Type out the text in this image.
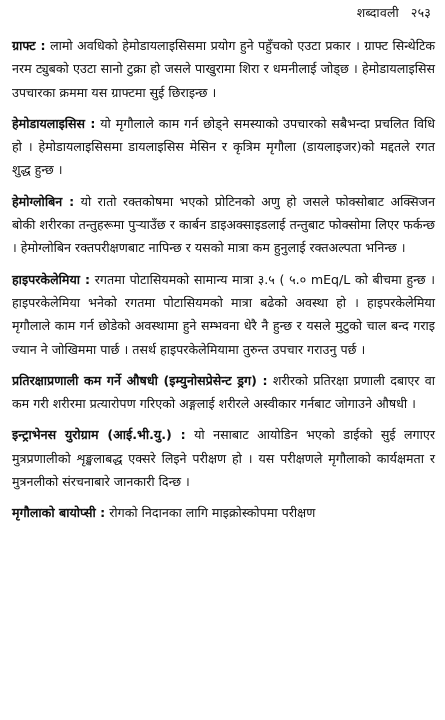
शब्दावली २५३

ग्राफ्ट : लामो अवधिको हेमोडायलाइसिसमा प्रयोग हुने पहुँचको एउटा प्रकार । ग्राफ्ट सिन्थेटिक नरम ट्युबको एउटा सानो टुक्रा हो जसले पाखुरामा शिरा र धमनीलाई जोड्छ । हेमोडायलाइसिस उपचारका क्रममा यस ग्राफ्टमा सुई छिराइन्छ ।

हेमोडायलाइसिस : यो मृगौलाले काम गर्न छोड्ने समस्याको उपचारको सबैभन्दा प्रचलित विधि हो । हेमोडायलाइसिसमा डायलाइसिस मेसिन र कृत्रिम मृगौला (डायलाइजर)को मद्दतले रगत शुद्ध हुन्छ ।

हेमोग्लोबिन : यो रातो रक्तकोषमा भएको प्रोटिनको अणु हो जसले फोक्सोबाट अक्सिजन बोकी शरीरका तन्तुहरूमा पुऱ्याउँछ र कार्बन डाइअक्साइडलाई तन्तुबाट फोक्सोमा लिएर फर्कन्छ । हेमोग्लोबिन रक्तपरीक्षणबाट नापिन्छ र यसको मात्रा कम हुनुलाई रक्तअल्पता भनिन्छ ।

हाइपरकेलेमिया : रगतमा पोटासियमको सामान्य मात्रा ३.५ ( ५.० mEq/L को बीचमा हुन्छ । हाइपरकेलेमिया भनेको रगतमा पोटासियमको मात्रा बढेको अवस्था हो । हाइपरकेलेमिया मृगौलाले काम गर्न छोडेको अवस्थामा हुने सम्भवना धेरै नै हुन्छ र यसले मुटुको चाल बन्द गराइ ज्यान ने जोखिममा पार्छ । तसर्थ हाइपरकेलेमियामा तुरुन्त उपचार गराउनु पर्छ ।

प्रतिरक्षाप्रणाली कम गर्ने औषधी (इम्युनोसप्रेसेन्ट ड्रग) : शरीरको प्रतिरक्षा प्रणाली दबाएर वा कम गरी शरीरमा प्रत्यारोपण गरिएको अङ्गलाई शरीरले अस्वीकार गर्नबाट जोगाउने औषधी ।

इन्ट्राभेनस युरोग्राम (आई.भी.यु.) : यो नसाबाट आयोडिन भएको डाईको सुई लगाएर मुत्रप्रणालीको शृङ्खलाबद्ध एक्सरे लिइने परीक्षण हो । यस परीक्षणले मृगौलाको कार्यक्षमता र मुत्रनलीको संरचनाबारे जानकारी दिन्छ ।

मृगौलाको बायोप्सी : रोगको निदानका लागि माइक्रोस्कोपमा परीक्षण
